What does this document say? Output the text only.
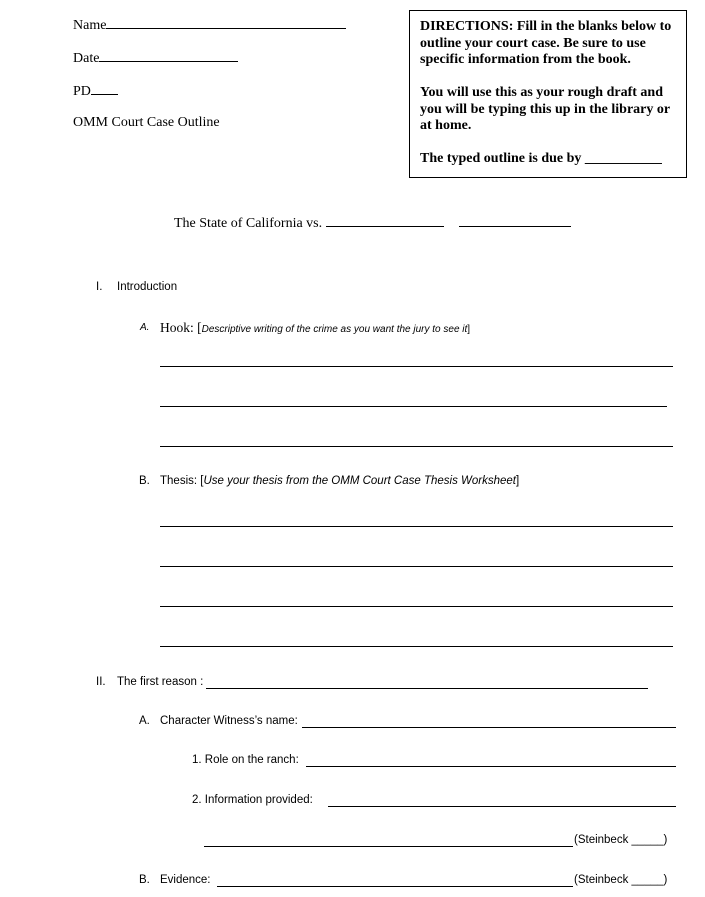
Name
Date
PD
OMM Court Case Outline

DIRECTIONS: Fill in the blanks below to

outline your court case. Be sure to use

specific information from the book.

You will use this as your rough draft and

you will be typing this up in the library or

at home.

The typed outline is due by ___________

The State of California vs.
I. Introduction
A. Hook: [Descriptive writing of the crime as you want the jury to see it]
B. Thesis: [Use your thesis from the OMM Court Case Thesis Worksheet]
II. The first reason :
A. Character Witness’s name:
1. Role on the ranch:
2. Information provided:
(Steinbeck _____)
B. Evidence:	(Steinbeck _____)
